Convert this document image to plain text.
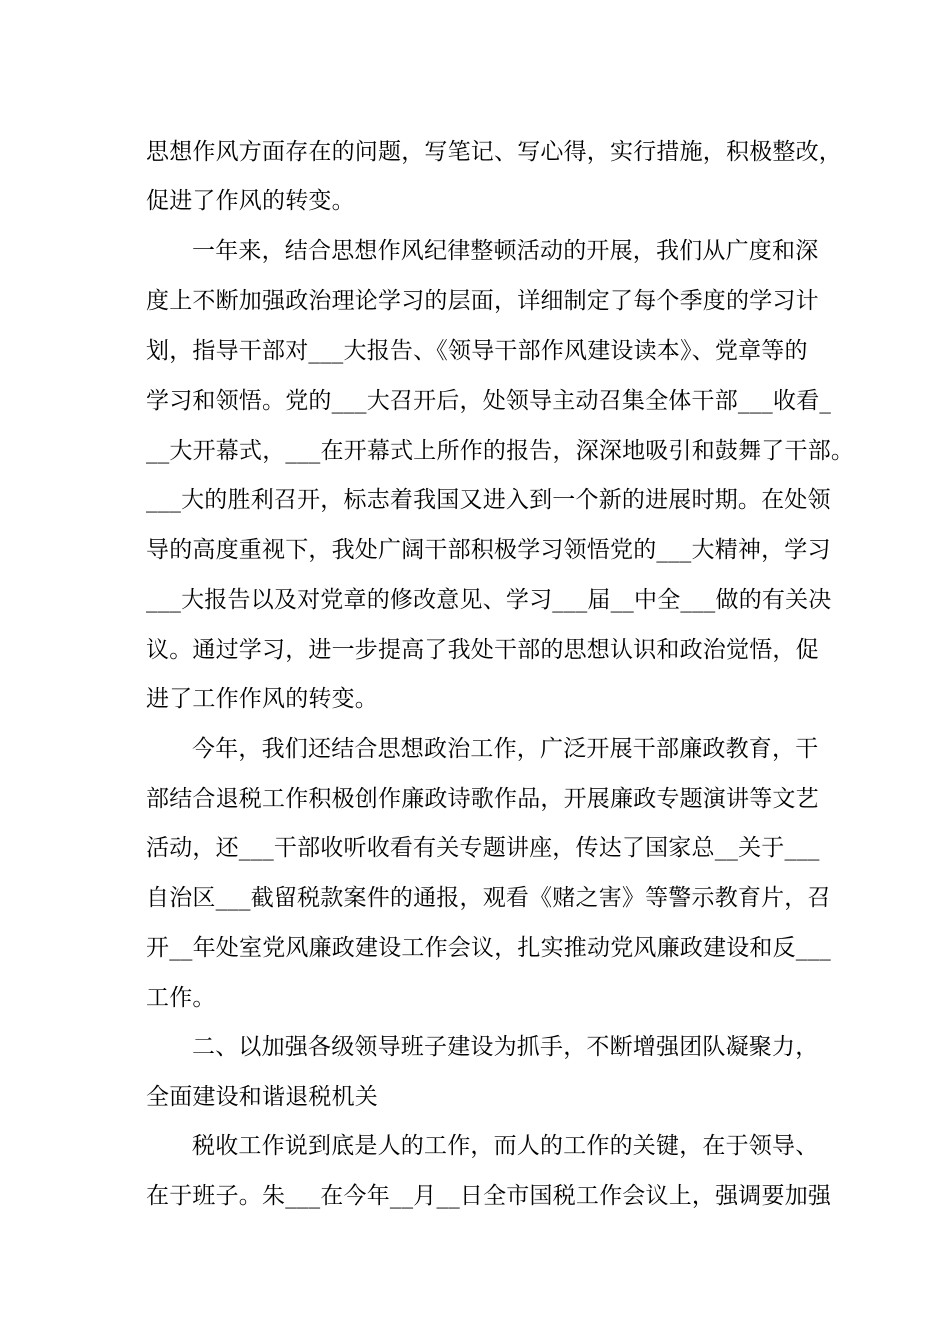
思想作风方面存在的问题，写笔记、写心得，实行措施，积极整改，
促进了作风的转变。
一年来，结合思想作风纪律整顿活动的开展，我们从广度和深
度上不断加强政治理论学习的层面，详细制定了每个季度的学习计
划，指导干部对___大报告、《领导干部作风建设读本》、党章等的
学习和领悟。党的___大召开后，处领导主动召集全体干部___收看_
__大开幕式，___在开幕式上所作的报告，深深地吸引和鼓舞了干部。
___大的胜利召开，标志着我国又进入到一个新的进展时期。在处领
导的高度重视下，我处广阔干部积极学习领悟党的___大精神，学习
___大报告以及对党章的修改意见、学习___届__中全___做的有关决
议。通过学习，进一步提高了我处干部的思想认识和政治觉悟，促
进了工作作风的转变。
今年，我们还结合思想政治工作，广泛开展干部廉政教育，干
部结合退税工作积极创作廉政诗歌作品，开展廉政专题演讲等文艺
活动，还___干部收听收看有关专题讲座，传达了国家总__关于___
自治区___截留税款案件的通报，观看《赌之害》等警示教育片，召
开__年处室党风廉政建设工作会议，扎实推动党风廉政建设和反___
工作。
二、以加强各级领导班子建设为抓手，不断增强团队凝聚力，
全面建设和谐退税机关
税收工作说到底是人的工作，而人的工作的关键，在于领导、
在于班子。朱___在今年__月__日全市国税工作会议上，强调要加强
